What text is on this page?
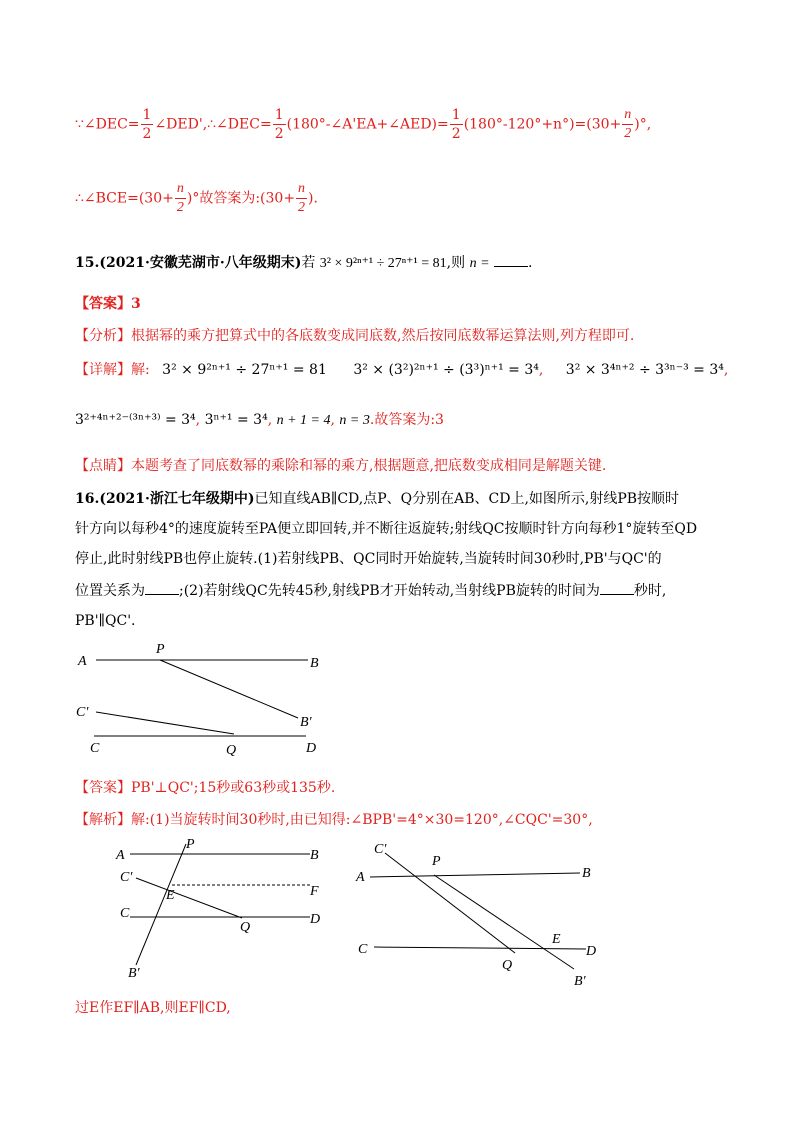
∵∠DEC= $\frac{1}{2}$ ∠DED',∴∠DEC= $\frac{1}{2}$ (180°-∠A'EA+∠AED)= $\frac{1}{2} (180^\circ-120^\circ+n^\circ)=(30+ \frac{n}{2}$ )°,
∴∠BCE=(30+ $\frac{n}{2}$ )°故答案为:(30+ $\frac{n}{2}$ ).
15.(2021·安徽芜湖市·八年级期末)若 3² × 9²ⁿ⁺¹ ÷ 27ⁿ⁺¹ = 81,则 n =	.
【答案】3
【分析】根据幂的乘方把算式中的各底数变成同底数,然后按同底数幂运算法则,列方程即可.
【详解】解: 3² × 9²ⁿ⁺¹ ÷ 27ⁿ⁺¹ = 81 3² × (3²)²ⁿ⁺¹ ÷ (3³)ⁿ⁺¹ = 3⁴, 3² × 3⁴ⁿ⁺² ÷ 3³ⁿ⁻³ = 3⁴,
3²⁺⁴ⁿ⁺²⁻⁽³ⁿ⁺³⁾ = 3⁴, 3ⁿ⁺¹ = 3⁴, n + 1 = 4, n = 3.故答案为:3
【点睛】本题考查了同底数幂的乘除和幂的乘方,根据题意,把底数变成相同是解题关键.
16.(2021·浙江七年级期中)已知直线AB∥CD,点P、Q分别在AB、CD上,如图所示,射线PB按顺时
针方向以每秒4°的速度旋转至PA便立即回转,并不断往返旋转;射线QC按顺时针方向每秒1°旋转至QD
停止,此时射线PB也停止旋转.(1)若射线PB、QC同时开始旋转,当旋转时间30秒时,PB'与QC'的
位置关系为 ;(2)若射线QC先转45秒,射线PB才开始转动,当射线PB旋转的时间为 秒时,
PB'∥QC'.
A
P
B
C′
B′
C	Q	D
【答案】PB'⊥QC';15秒或63秒或135秒.
【解析】解:(1)当旋转时间30秒时,由已知得:∠BPB'=4°×30=120°,∠CQC'=30°,
A
P
B
C′
E	F
C
Q
D
B′
C′
P
A	B
E
C
Q
D
B′
过E作EF∥AB,则EF∥CD,
